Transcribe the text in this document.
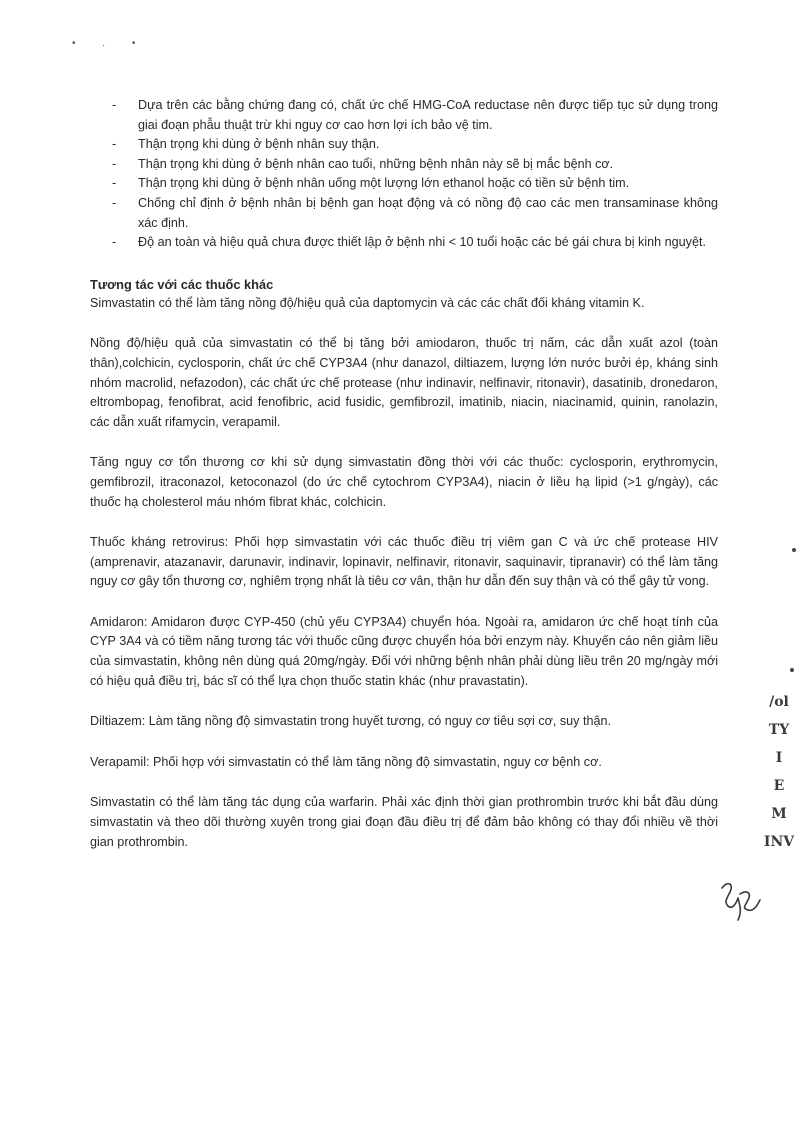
• . •
- Dựa trên các bằng chứng đang có, chất ức chế HMG-CoA reductase nên được tiếp tục sử dụng trong giai đoạn phẫu thuật trừ khi nguy cơ cao hơn lợi ích bảo vệ tim.
- Thận trọng khi dùng ở bệnh nhân suy thận.
- Thận trọng khi dùng ở bệnh nhân cao tuổi, những bệnh nhân này sẽ bị mắc bệnh cơ.
- Thận trọng khi dùng ở bệnh nhân uống một lượng lớn ethanol hoặc có tiền sử bệnh tim.
- Chống chỉ định ở bệnh nhân bị bệnh gan hoạt động và có nồng độ cao các men transaminase không xác định.
- Độ an toàn và hiệu quả chưa được thiết lập ở bệnh nhi < 10 tuổi hoặc các bé gái chưa bị kinh nguyệt.
Tương tác với các thuốc khác

Simvastatin có thể làm tăng nồng độ/hiệu quả của daptomycin và các các chất đối kháng vitamin K.

Nồng độ/hiệu quả của simvastatin có thể bị tăng bởi amiodaron, thuốc trị nấm, các dẫn xuất azol (toàn thân),colchicin, cyclosporin, chất ức chế CYP3A4 (như danazol, diltiazem, lượng lớn nước bưởi ép, kháng sinh nhóm macrolid, nefazodon), các chất ức chế protease (như indinavir, nelfinavir, ritonavir), dasatinib, dronedaron, eltrombopag, fenofibrat, acid fenofibric, acid fusidic, gemfibrozil, imatinib, niacin, niacinamid, quinin, ranolazin, các dẫn xuất rifamycin, verapamil.

Tăng nguy cơ tổn thương cơ khi sử dụng simvastatin đồng thời với các thuốc: cyclosporin, erythromycin, gemfibrozil, itraconazol, ketoconazol (do ức chế cytochrom CYP3A4), niacin ở liều hạ lipid (>1 g/ngày), các thuốc hạ cholesterol máu nhóm fibrat khác, colchicin.

Thuốc kháng retrovirus: Phối hợp simvastatin với các thuốc điều trị viêm gan C và ức chế protease HIV (amprenavir, atazanavir, darunavir, indinavir, lopinavir, nelfinavir, ritonavir, saquinavir, tipranavir) có thể làm tăng nguy cơ gây tổn thương cơ, nghiêm trọng nhất là tiêu cơ vân, thận hư dẫn đến suy thận và có thể gây tử vong.

Amidaron: Amidaron được CYP-450 (chủ yếu CYP3A4) chuyển hóa. Ngoài ra, amidaron ức chế hoạt tính của CYP 3A4 và có tiềm năng tương tác với thuốc cũng được chuyển hóa bởi enzym này. Khuyến cáo nên giảm liều của simvastatin, không nên dùng quá 20mg/ngày. Đối với những bệnh nhân phải dùng liều trên 20 mg/ngày mới có hiệu quả điều trị, bác sĩ có thể lựa chọn thuốc statin khác (như pravastatin).

Diltiazem: Làm tăng nồng độ simvastatin trong huyết tương, có nguy cơ tiêu sợi cơ, suy thận.

Verapamil: Phối hợp với simvastatin có thể làm tăng nồng độ simvastatin, nguy cơ bệnh cơ.

Simvastatin có thể làm tăng tác dụng của warfarin. Phải xác định thời gian prothrombin trước khi bắt đầu dùng simvastatin và theo dõi thường xuyên trong giai đoạn đầu điều trị để đảm bảo không có thay đổi nhiều về thời gian prothrombin.

/ol
TY
I
E
M
INV
